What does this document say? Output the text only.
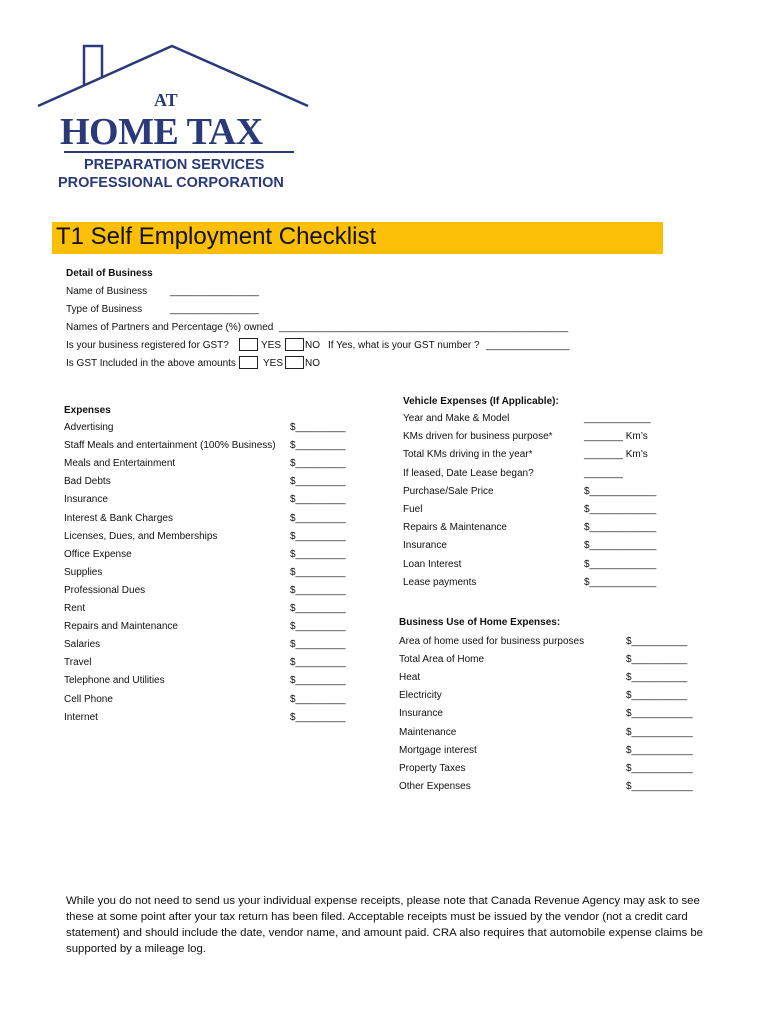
AT
HOME TAX
PREPARATION SERVICES
PROFESSIONAL CORPORATION
T1 Self Employment Checklist
Detail of Business
Name of Business ________________
Type of Business	________________
Names of Partners and Percentage (%) owned ____________________________________________________
Is your business registered for GST?	YES NO If Yes, what is your GST number ? _______________
Is GST Included in the above amounts	YES NO
Expenses
Advertising	$_________
Staff Meals and entertainment (100% Business) $_________
Meals and Entertainment	$_________
Bad Debts	$_________
Insurance	$_________
Interest & Bank Charges	$_________
Licenses, Dues, and Memberships	$_________
Office Expense	$_________
Supplies	$_________
Professional Dues	$_________
Rent	$_________
Repairs and Maintenance	$_________
Salaries	$_________
Travel	$_________
Telephone and Utilities	$_________
Cell Phone	$_________
Internet	$_________
Vehicle Expenses (If Applicable):
Year and Make & Model	____________
KMs driven for business purpose*	_______ Km’s
Total KMs driving in the year*	_______ Km’s
If leased, Date Lease began?	_______
Purchase/Sale Price	$____________
Fuel	$____________
Repairs & Maintenance	$____________
Insurance	$____________
Loan Interest	$____________
Lease payments	$____________
Business Use of Home Expenses:
Area of home used for business purposes	$__________
Total Area of Home	$__________
Heat	$__________
Electricity	$__________
Insurance	$___________
Maintenance	$___________
Mortgage interest	$___________
Property Taxes	$___________
Other Expenses	$___________
While you do not need to send us your individual expense receipts, please note that Canada Revenue Agency may ask to see these at some point after your tax return has been filed. Acceptable receipts must be issued by the vendor (not a credit card statement) and should include the date, vendor name, and amount paid. CRA also requires that automobile expense claims be supported by a mileage log.
